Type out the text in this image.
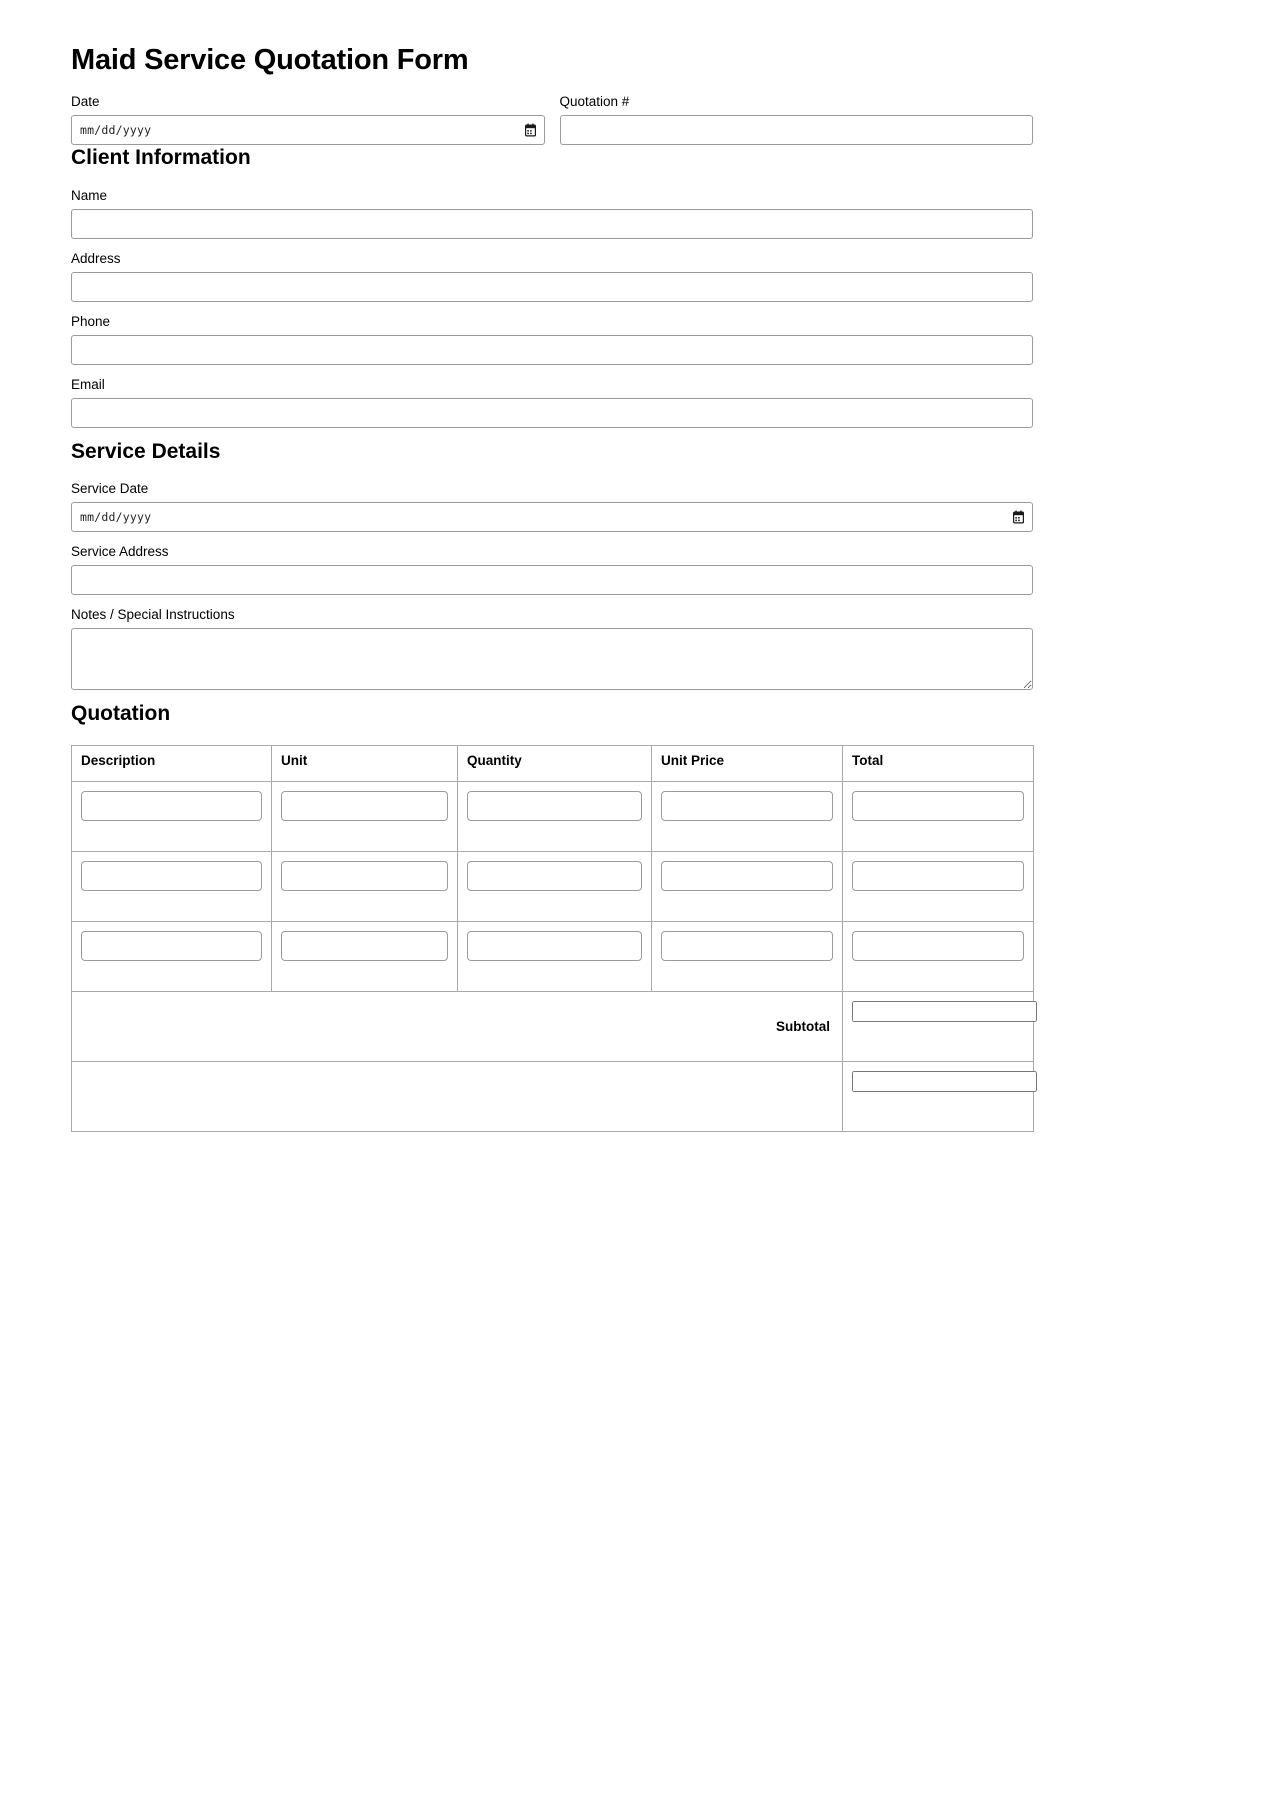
Maid Service Quotation Form
Date
mm/dd/yyyy
Quotation #
Client Information
Name
Address
Phone
Email
Service Details
Service Date
mm/dd/yyyy
Service Address
Notes / Special Instructions
Quotation
Description	Unit	Quantity	Unit Price	Total

Subtotal	
